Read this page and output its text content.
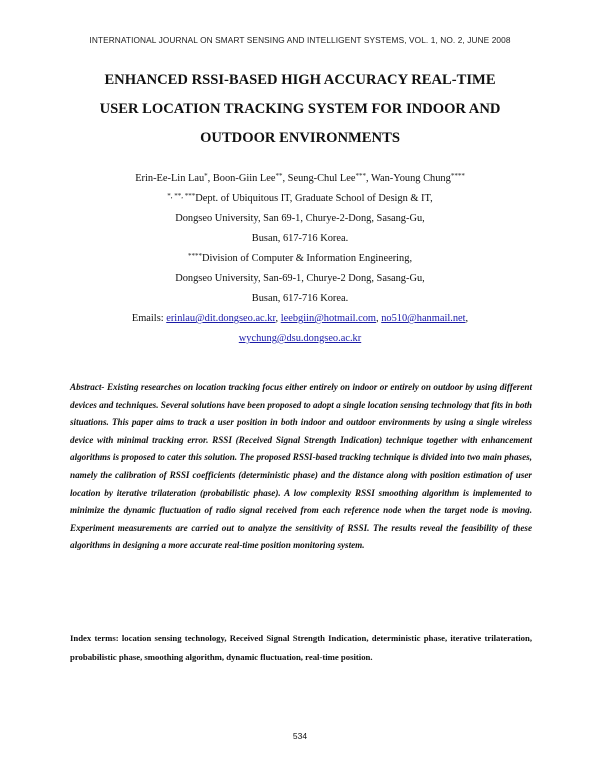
INTERNATIONAL JOURNAL ON SMART SENSING AND INTELLIGENT SYSTEMS, VOL. 1, NO. 2, JUNE 2008
ENHANCED RSSI-BASED HIGH ACCURACY REAL-TIME
USER LOCATION TRACKING SYSTEM FOR INDOOR AND
OUTDOOR ENVIRONMENTS
Erin-Ee-Lin Lau*, Boon-Giin Lee**, Seung-Chul Lee***, Wan-Young Chung****
*, **, ***Dept. of Ubiquitous IT, Graduate School of Design & IT,
Dongseo University, San 69-1, Churye-2-Dong, Sasang-Gu,
Busan, 617-716 Korea.
****Division of Computer & Information Engineering,
Dongseo University, San-69-1, Churye-2 Dong, Sasang-Gu,
Busan, 617-716 Korea.
Emails: erinlau@dit.dongseo.ac.kr, leebgiin@hotmail.com, no510@hanmail.net,
wychung@dsu.dongseo.ac.kr

Abstract- Existing researches on location tracking focus either entirely on indoor or entirely on outdoor by using different devices and techniques. Several solutions have been proposed to adopt a single location sensing technology that fits in both situations. This paper aims to track a user position in both indoor and outdoor environments by using a single wireless device with minimal tracking error. RSSI (Received Signal Strength Indication) technique together with enhancement algorithms is proposed to cater this solution. The proposed RSSI-based tracking technique is divided into two main phases, namely the calibration of RSSI coefficients (deterministic phase) and the distance along with position estimation of user location by iterative trilateration (probabilistic phase). A low complexity RSSI smoothing algorithm is implemented to minimize the dynamic fluctuation of radio signal received from each reference node when the target node is moving. Experiment measurements are carried out to analyze the sensitivity of RSSI. The results reveal the feasibility of these algorithms in designing a more accurate real-time position monitoring system.

Index terms: location sensing technology, Received Signal Strength Indication, deterministic phase, iterative trilateration, probabilistic phase, smoothing algorithm, dynamic fluctuation, real-time position.

534
